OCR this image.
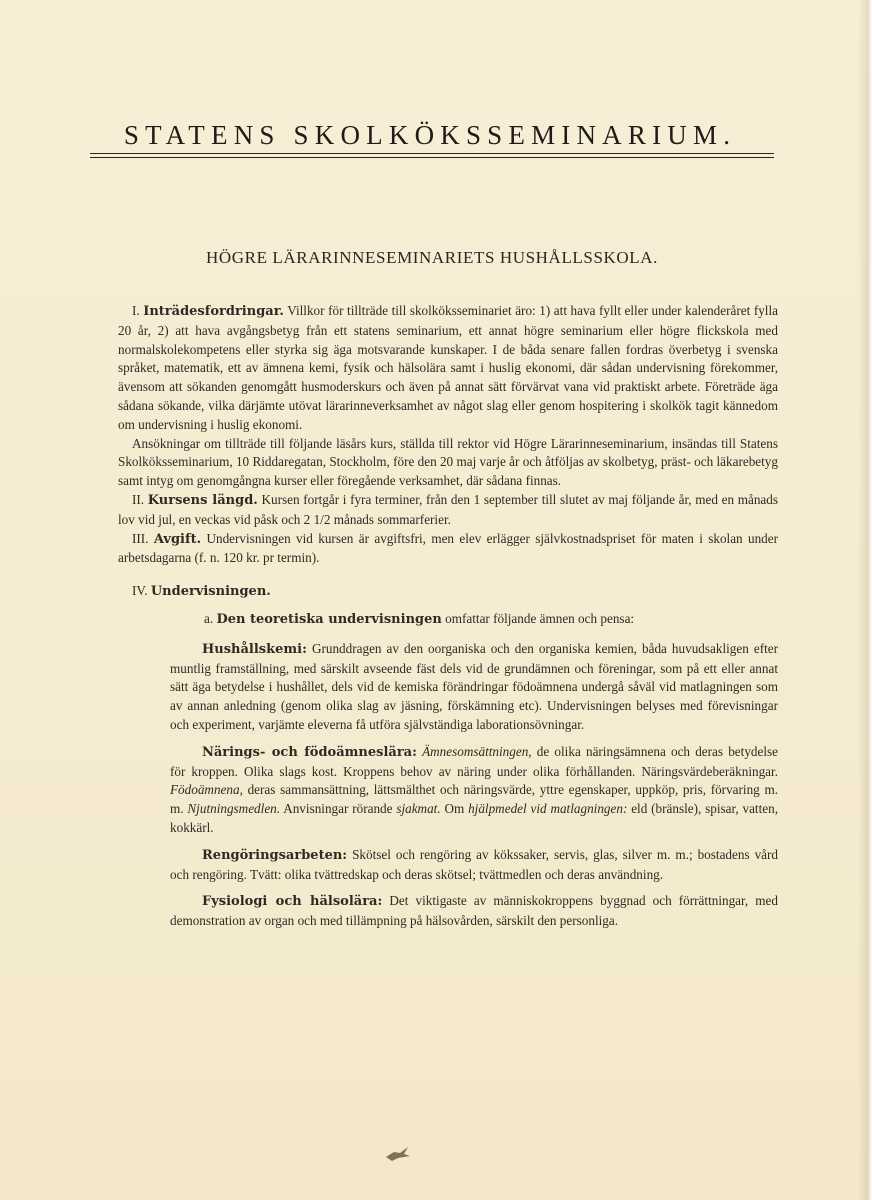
STATENS SKOLKÖKSSEMINARIUM.
HÖGRE LÄRARINNESEMINARIETS HUSHÅLLSSKOLA.

I. Inträdesfordringar. Villkor för tillträde till skolköksseminariet äro: 1) att hava fyllt eller under kalenderåret fylla 20 år, 2) att hava avgångsbetyg från ett statens seminarium, ett annat högre seminarium eller högre flickskola med normalskolekompetens eller styrka sig äga motsvarande kunskaper. I de båda senare fallen fordras överbetyg i svenska språket, matematik, ett av ämnena kemi, fysik och hälsolära samt i huslig ekonomi, där sådan undervisning förekommer, ävensom att sökanden genomgått husmoderskurs och även på annat sätt förvärvat vana vid praktiskt arbete. Företräde äga sådana sökande, vilka därjämte utövat lärarinneverksamhet av något slag eller genom hospitering i skolkök tagit kännedom om undervisning i huslig ekonomi.

Ansökningar om tillträde till följande läsårs kurs, ställda till rektor vid Högre Lärarinneseminarium, insändas till Statens Skolköksseminarium, 10 Riddaregatan, Stockholm, före den 20 maj varje år och åtföljas av skolbetyg, präst- och läkarebetyg samt intyg om genomgångna kurser eller föregående verksamhet, där sådana finnas.

II. Kursens längd. Kursen fortgår i fyra terminer, från den 1 september till slutet av maj följande år, med en månads lov vid jul, en veckas vid påsk och 2 1/2 månads sommarferier.

III. Avgift. Undervisningen vid kursen är avgiftsfri, men elev erlägger självkostnadspriset för maten i skolan under arbetsdagarna (f. n. 120 kr. pr termin).

IV. Undervisningen.

a. Den teoretiska undervisningen omfattar följande ämnen och pensa:

Hushållskemi: Grunddragen av den oorganiska och den organiska kemien, båda huvudsakligen efter muntlig framställning, med särskilt avseende fäst dels vid de grundämnen och föreningar, som på ett eller annat sätt äga betydelse i hushållet, dels vid de kemiska förändringar födoämnena undergå såväl vid matlagningen som av annan anledning (genom olika slag av jäsning, förskämning etc). Undervisningen belyses med förevisningar och experiment, varjämte eleverna få utföra självständiga laborationsövningar.

Närings- och födoämneslära: Ämnesomsättningen, de olika näringsämnena och deras betydelse för kroppen. Olika slags kost. Kroppens behov av näring under olika förhållanden. Näringsvärdeberäkningar. Födoämnena, deras sammansättning, lättsmälthet och näringsvärde, yttre egenskaper, uppköp, pris, förvaring m. m. Njutningsmedlen. Anvisningar rörande sjakmat. Om hjälpmedel vid matlagningen: eld (bränsle), spisar, vatten, kokkärl.

Rengöringsarbeten: Skötsel och rengöring av kökssaker, servis, glas, silver m. m.; bostadens vård och rengöring. Tvätt: olika tvättredskap och deras skötsel; tvättmedlen och deras användning.

Fysiologi och hälsolära: Det viktigaste av människokroppens byggnad och förrättningar, med demonstration av organ och med tillämpning på hälsovården, särskilt den personliga.
